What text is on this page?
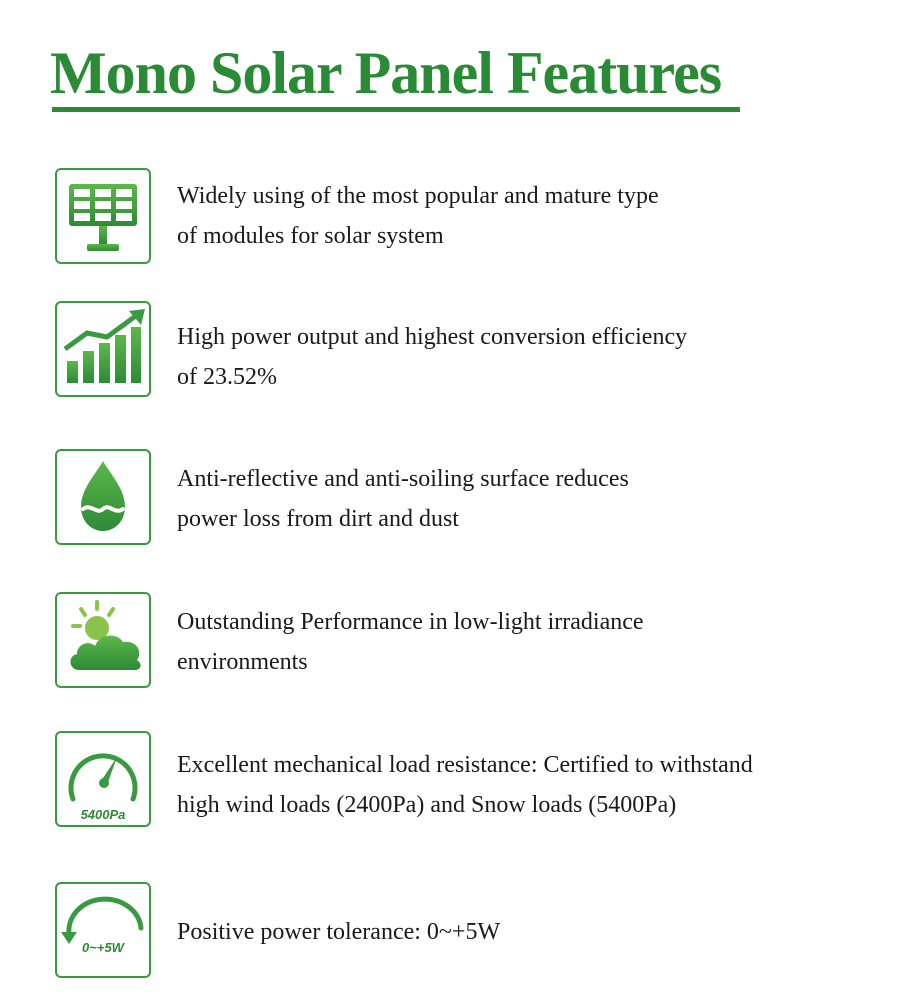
Mono Solar Panel Features
Widely using of the most popular and mature type
of modules for solar system
High power output and highest conversion efficiency
of 23.52%
Anti-reflective and anti-soiling surface reduces
power loss from dirt and dust
Outstanding Performance in low-light irradiance
environments
5400Pa
Excellent mechanical load resistance: Certified to withstand
high wind loads (2400Pa) and Snow loads (5400Pa)
0~+5W
Positive power tolerance: 0~+5W
